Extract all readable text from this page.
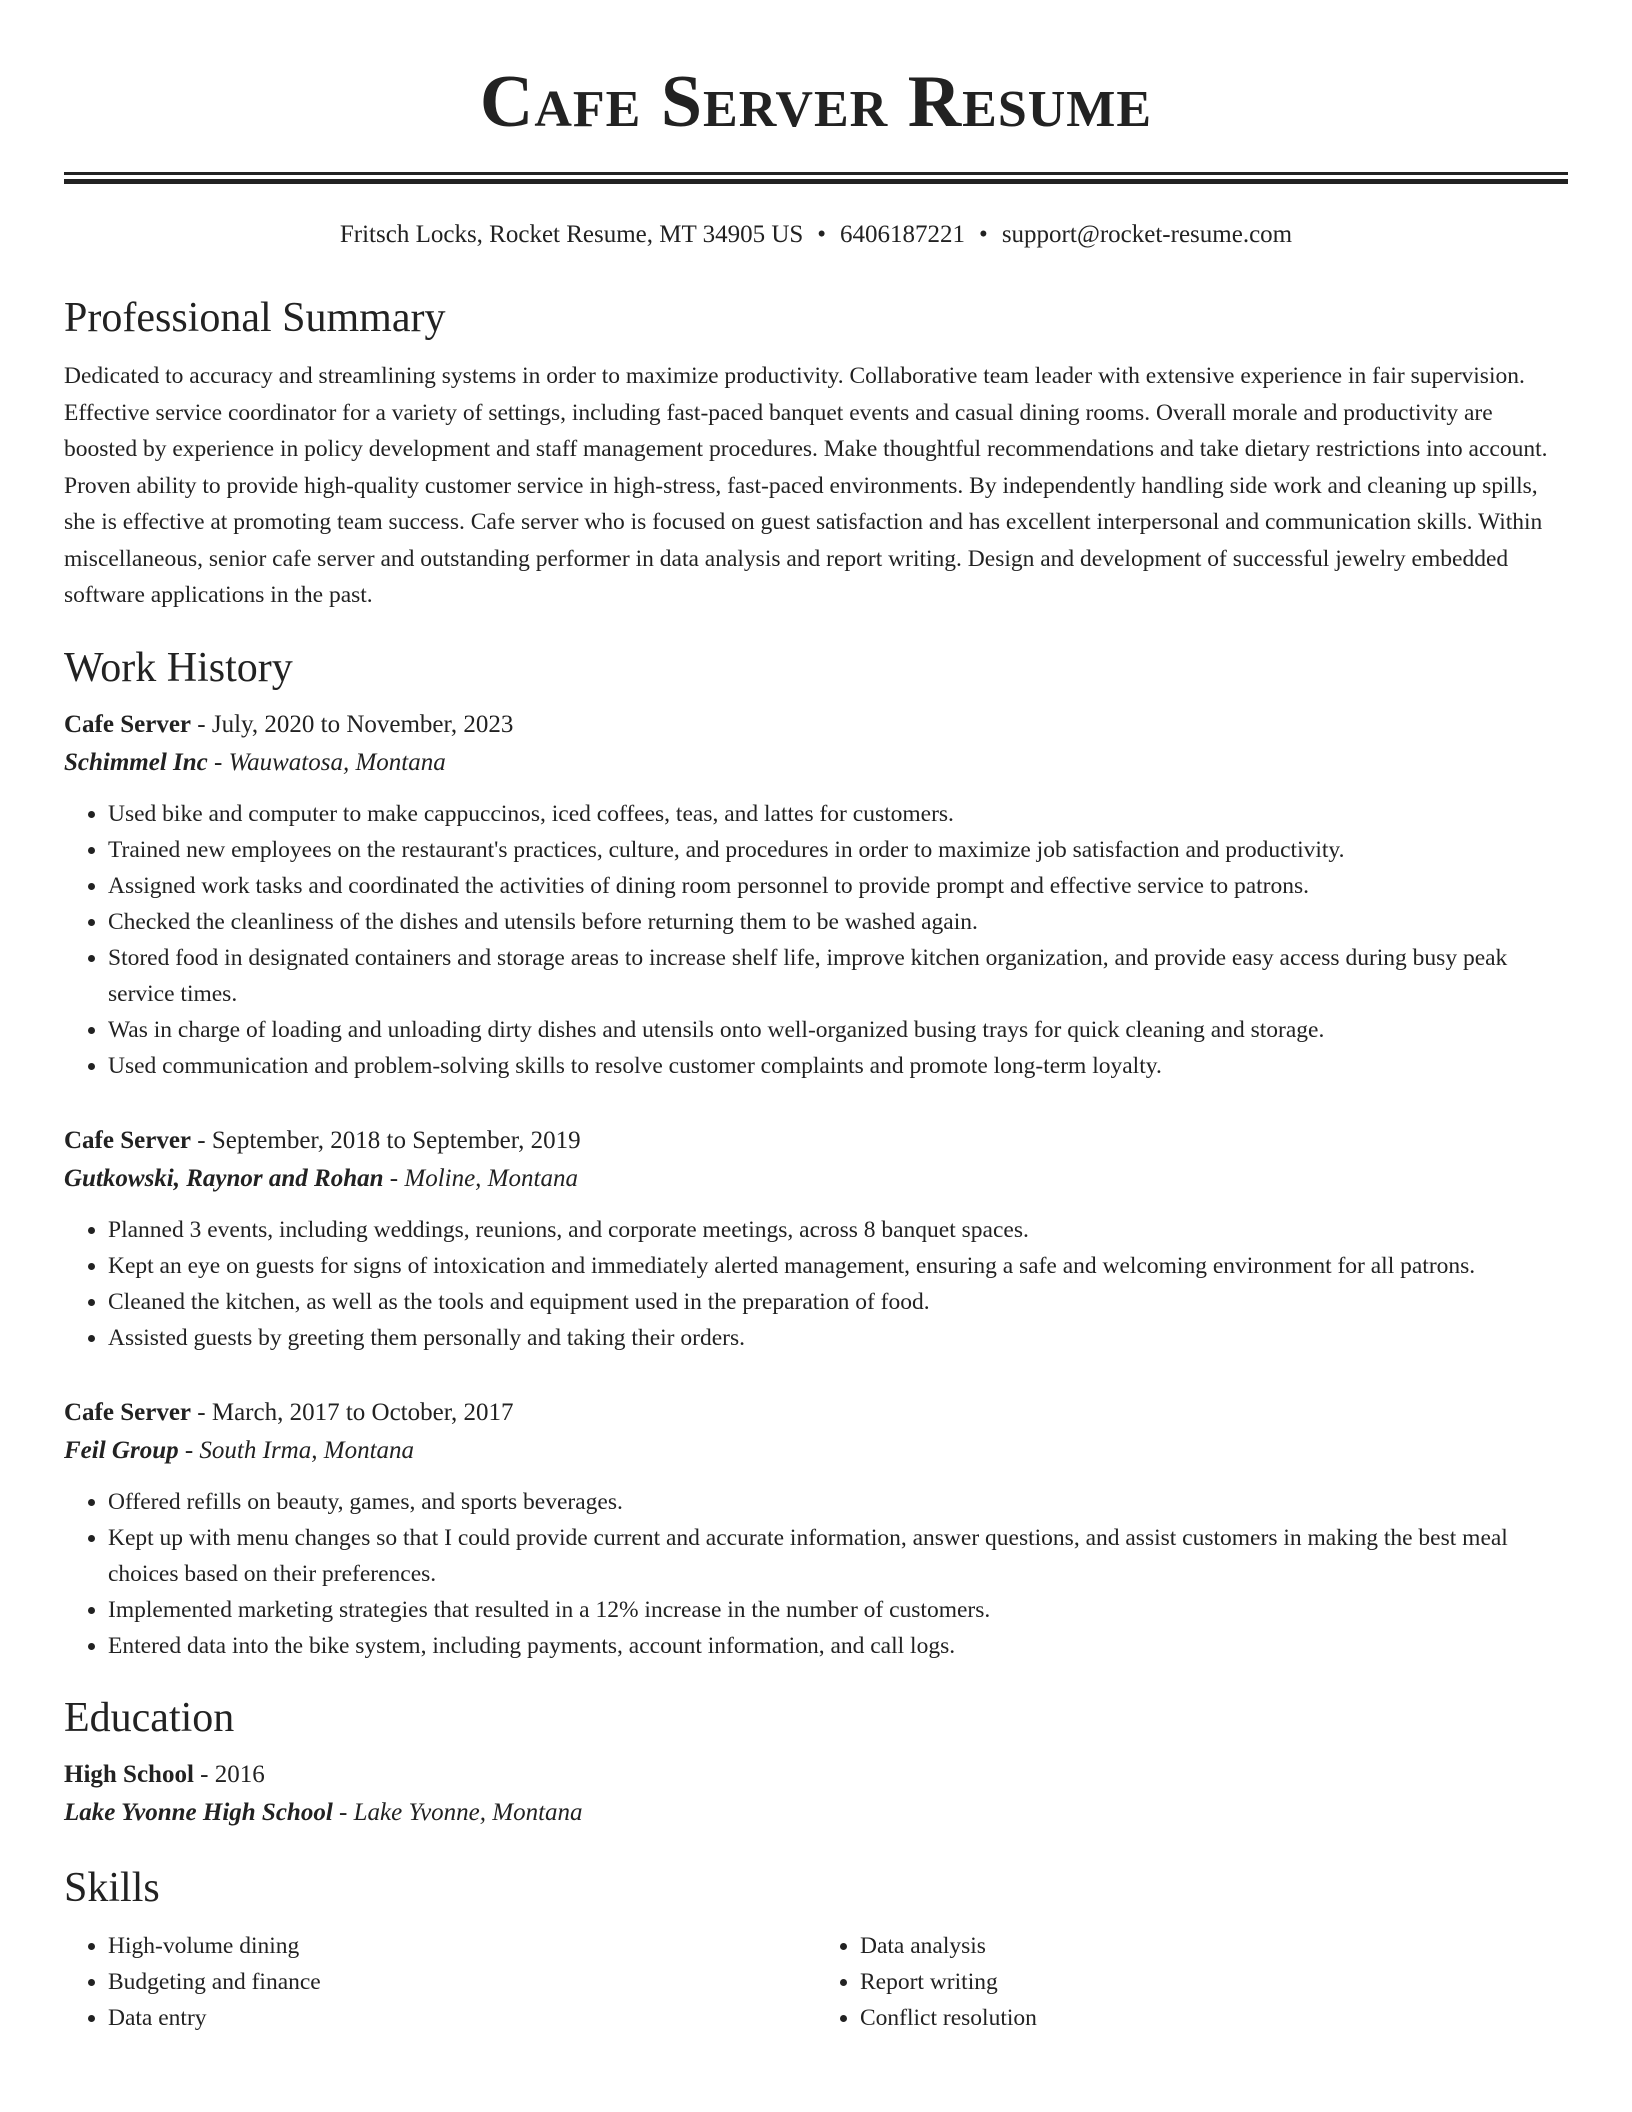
Cafe Server Resume
Fritsch Locks, Rocket Resume, MT 34905 US • 6406187221 • support@rocket-resume.com
Professional Summary
Dedicated to accuracy and streamlining systems in order to maximize productivity. Collaborative team leader with extensive experience in fair supervision. Effective service coordinator for a variety of settings, including fast-paced banquet events and casual dining rooms. Overall morale and productivity are boosted by experience in policy development and staff management procedures. Make thoughtful recommendations and take dietary restrictions into account. Proven ability to provide high-quality customer service in high-stress, fast-paced environments. By independently handling side work and cleaning up spills, she is effective at promoting team success. Cafe server who is focused on guest satisfaction and has excellent interpersonal and communication skills. Within miscellaneous, senior cafe server and outstanding performer in data analysis and report writing. Design and development of successful jewelry embedded software applications in the past.
Work History
Cafe Server - July, 2020 to November, 2023
Schimmel Inc - Wauwatosa, Montana
• Used bike and computer to make cappuccinos, iced coffees, teas, and lattes for customers.
• Trained new employees on the restaurant's practices, culture, and procedures in order to maximize job satisfaction and productivity.
• Assigned work tasks and coordinated the activities of dining room personnel to provide prompt and effective service to patrons.
• Checked the cleanliness of the dishes and utensils before returning them to be washed again.
• Stored food in designated containers and storage areas to increase shelf life, improve kitchen organization, and provide easy access during busy peak service times.
• Was in charge of loading and unloading dirty dishes and utensils onto well-organized busing trays for quick cleaning and storage.
• Used communication and problem-solving skills to resolve customer complaints and promote long-term loyalty.
Cafe Server - September, 2018 to September, 2019
Gutkowski, Raynor and Rohan - Moline, Montana
• Planned 3 events, including weddings, reunions, and corporate meetings, across 8 banquet spaces.
• Kept an eye on guests for signs of intoxication and immediately alerted management, ensuring a safe and welcoming environment for all patrons.
• Cleaned the kitchen, as well as the tools and equipment used in the preparation of food.
• Assisted guests by greeting them personally and taking their orders.
Cafe Server - March, 2017 to October, 2017
Feil Group - South Irma, Montana
• Offered refills on beauty, games, and sports beverages.
• Kept up with menu changes so that I could provide current and accurate information, answer questions, and assist customers in making the best meal choices based on their preferences.
• Implemented marketing strategies that resulted in a 12% increase in the number of customers.
• Entered data into the bike system, including payments, account information, and call logs.
Education
High School - 2016
Lake Yvonne High School - Lake Yvonne, Montana
Skills
• High-volume dining
• Budgeting and finance
• Data entry
• Data analysis
• Report writing
• Conflict resolution
